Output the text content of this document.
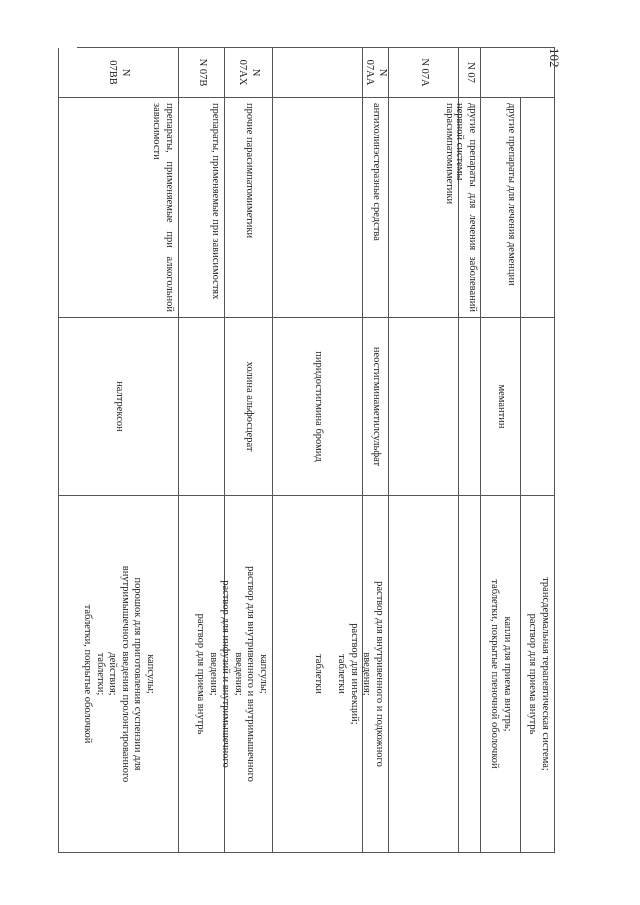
102
трансдермальная терапевтическая система;
раствор для приема внутрь
другие препараты для лечения деменции
мемантин
капли для приема внутрь;
таблетки, покрытые пленочной оболочкой
N 07
другие препараты для лечения заболеваний нервной системы
N 07A
парасимпатомиметики
N
07AA
антихолинэстеразные средства
неостигминаметилсульфат
раствор для внутривенного и подкожного
введения;
раствор для инъекций;
таблетки
пиридостигмина бромид
таблетки
N
07AX
прочие парасимпатомиметики
холина альфосцерат
капсулы;
раствор для внутривенного и внутримышечного
введения;
раствор для инфузий и внутримышечного
введения;
раствор для приема внутрь
N 07B
препараты, применяемые при зависимостях
N
07BB
препараты, применяемые при алкогольной зависимости
налтрексон
капсулы;
порошок для приготовления суспензии для
внутримышечного введения пролонгированного
действия;
таблетки;
таблетки, покрытые оболочкой
